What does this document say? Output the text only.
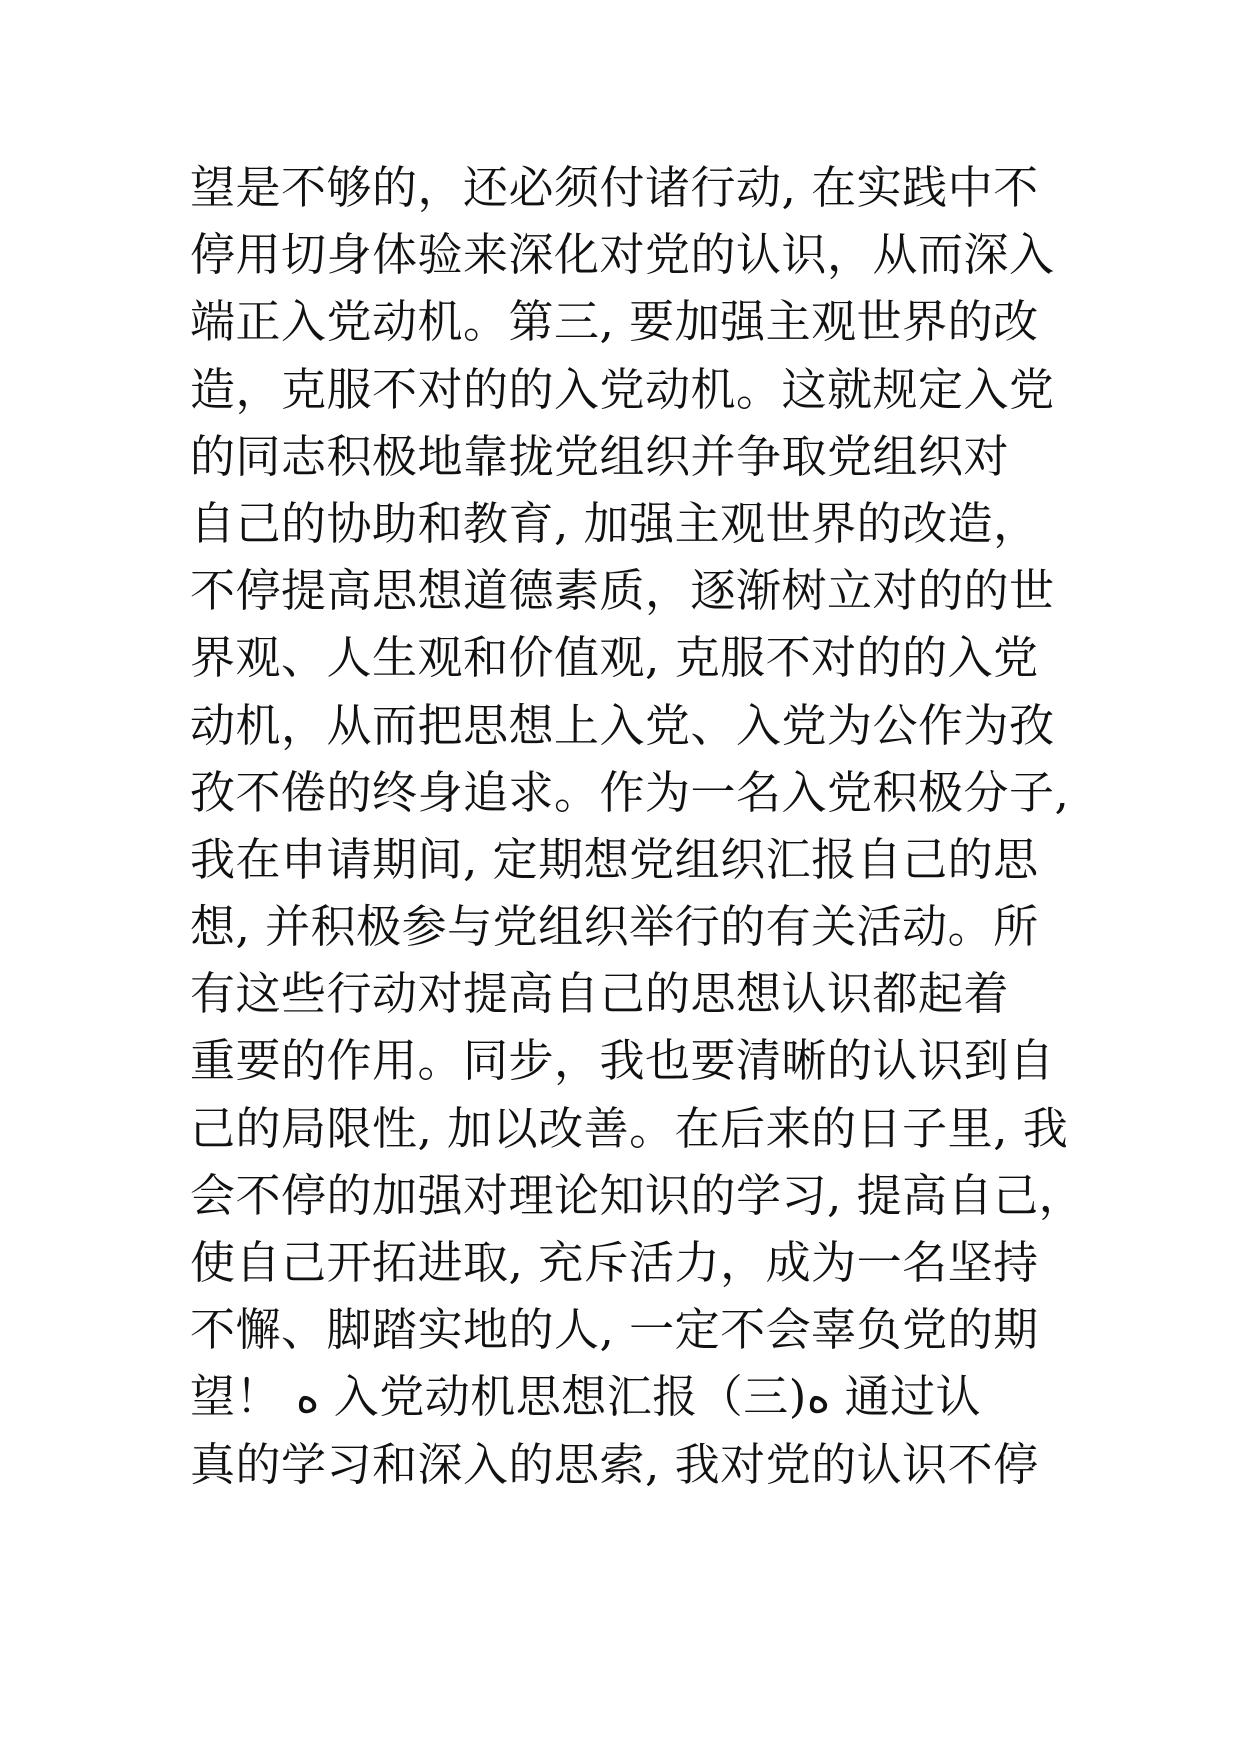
望是不够的，还必须付诸行动, 在实践中不
停用切身体验来深化对党的认识，从而深入
端正入党动机。第三, 要加强主观世界的改
造，克服不对的的入党动机。这就规定入党
的同志积极地靠拢党组织并争取党组织对
自己的协助和教育, 加强主观世界的改造，
不停提高思想道德素质，逐渐树立对的的世
界观、人生观和价值观, 克服不对的的入党
动机，从而把思想上入党、入党为公作为孜
孜不倦的终身追求。作为一名入党积极分子,
我在申请期间, 定期想党组织汇报自己的思
想, 并积极参与党组织举行的有关活动。所
有这些行动对提高自己的思想认识都起着
重要的作用。同步，我也要清晰的认识到自
己的局限性, 加以改善。在后来的日子里, 我
会不停的加强对理论知识的学习, 提高自己，
使自己开拓进取, 充斥活力，成为一名坚持
不懈、脚踏实地的人, 一定不会辜负党的期
望！ ه 入党动机思想汇报（三)ه 通过认
真的学习和深入的思索, 我对党的认识不停
